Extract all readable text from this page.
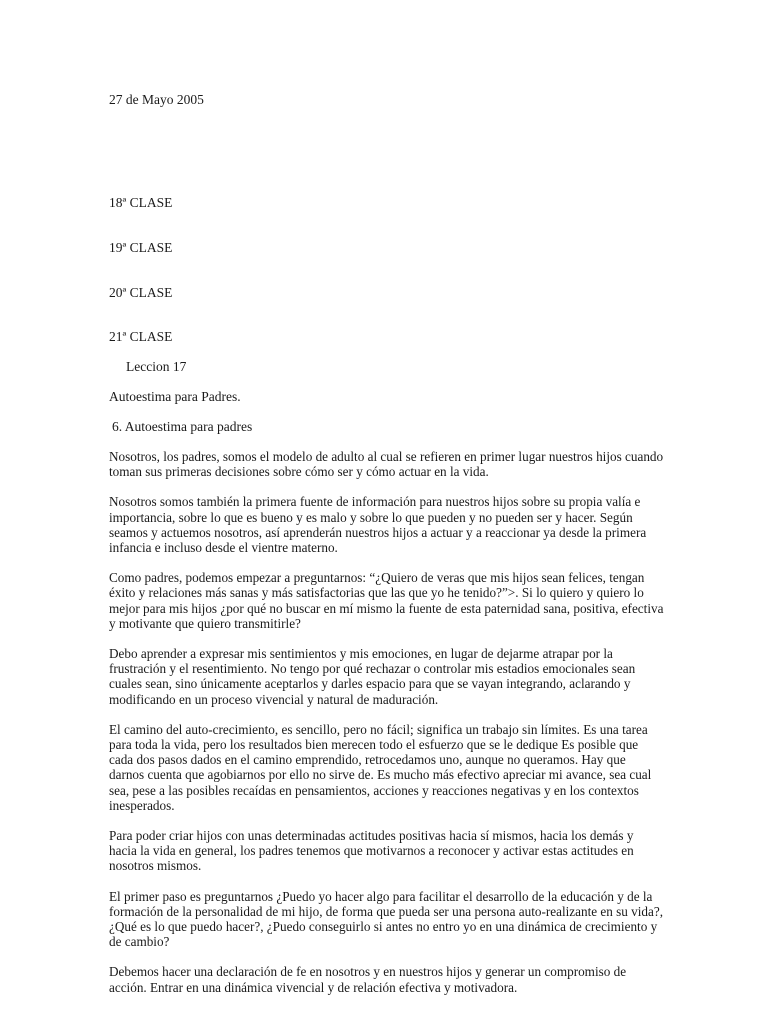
27 de Mayo 2005
18ª CLASE
19ª CLASE
20ª CLASE
21ª CLASE
Leccion 17
Autoestima para Padres.
6. Autoestima para padres

Nosotros, los padres, somos el modelo de adulto al cual se refieren en primer lugar nuestros hijos cuando toman sus primeras decisiones sobre cómo ser y cómo actuar en la vida.

Nosotros somos también la primera fuente de información para nuestros hijos sobre su propia valía e importancia, sobre lo que es bueno y es malo y sobre lo que pueden y no pueden ser y hacer. Según seamos y actuemos nosotros, así aprenderán nuestros hijos a actuar y a reaccionar ya desde la primera infancia e incluso desde el vientre materno.

Como padres, podemos empezar a preguntarnos: “¿Quiero de veras que mis hijos sean felices, tengan éxito y relaciones más sanas y más satisfactorias que las que yo he tenido?”>. Si lo quiero y quiero lo mejor para mis hijos ¿por qué no buscar en mí mismo la fuente de esta paternidad sana, positiva, efectiva y motivante que quiero transmitirle?

Debo aprender a expresar mis sentimientos y mis emociones, en lugar de dejarme atrapar por la frustración y el resentimiento. No tengo por qué rechazar o controlar mis estadios emocionales sean cuales sean, sino únicamente aceptarlos y darles espacio para que se vayan integrando, aclarando y modificando en un proceso vivencial y natural de maduración.

El camino del auto-crecimiento, es sencillo, pero no fácil; significa un trabajo sin límites. Es una tarea para toda la vida, pero los resultados bien merecen todo el esfuerzo que se le dedique Es posible que cada dos pasos dados en el camino emprendido, retrocedamos uno, aunque no queramos. Hay que darnos cuenta que agobiarnos por ello no sirve de. Es mucho más efectivo apreciar mi avance, sea cual sea, pese a las posibles recaídas en pensamientos, acciones y reacciones negativas y en los contextos inesperados.

Para poder criar hijos con unas determinadas actitudes positivas hacia sí mismos, hacia los demás y hacia la vida en general, los padres tenemos que motivarnos a reconocer y activar estas actitudes en nosotros mismos.

El primer paso es preguntarnos ¿Puedo yo hacer algo para facilitar el desarrollo de la educación y de la formación de la personalidad de mi hijo, de forma que pueda ser una persona auto-realizante en su vida?, ¿Qué es lo que puedo hacer?, ¿Puedo conseguirlo si antes no entro yo en una dinámica de crecimiento y de cambio?

Debemos hacer una declaración de fe en nosotros y en nuestros hijos y generar un compromiso de acción. Entrar en una dinámica vivencial y de relación efectiva y motivadora.
